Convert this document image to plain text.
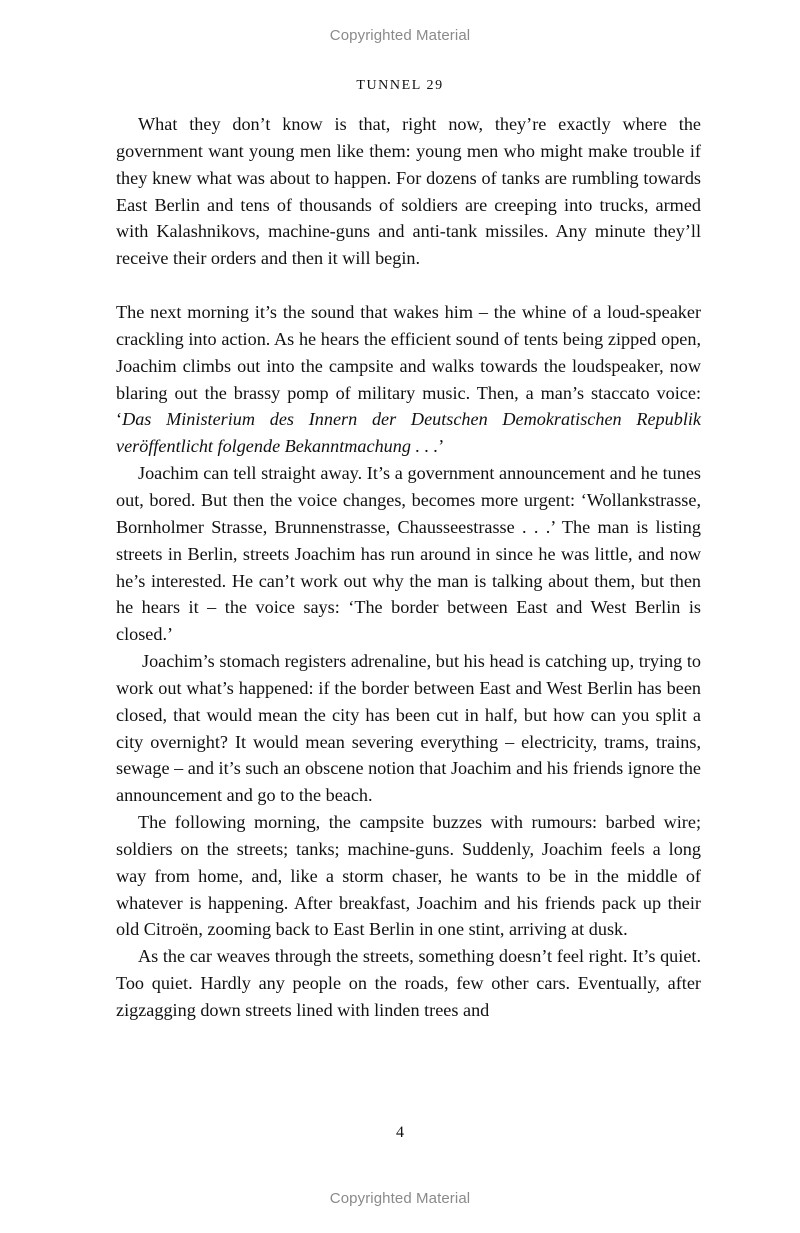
Copyrighted Material
TUNNEL 29

What they don’t know is that, right now, they’re exactly where the government want young men like them: young men who might make trouble if they knew what was about to happen. For dozens of tanks are rumbling towards East Berlin and tens of thousands of soldiers are creeping into trucks, armed with Kalashnikovs, machine-guns and anti-tank missiles. Any minute they’ll receive their orders and then it will begin.

The next morning it’s the sound that wakes him – the whine of a loud-speaker crackling into action. As he hears the efficient sound of tents being zipped open, Joachim climbs out into the campsite and walks towards the loudspeaker, now blaring out the brassy pomp of military music. Then, a man’s staccato voice: ‘Das Ministerium des Innern der Deutschen Demokratischen Republik veröffentlicht folgende Bekanntmachung . . .’

Joachim can tell straight away. It’s a government announcement and he tunes out, bored. But then the voice changes, becomes more urgent: ‘Wollankstrasse, Bornholmer Strasse, Brunnenstrasse, Chausseestrasse . . .’ The man is listing streets in Berlin, streets Joachim has run around in since he was little, and now he’s interested. He can’t work out why the man is talking about them, but then he hears it – the voice says: ‘The border between East and West Berlin is closed.’

Joachim’s stomach registers adrenaline, but his head is catching up, trying to work out what’s happened: if the border between East and West Berlin has been closed, that would mean the city has been cut in half, but how can you split a city overnight? It would mean severing everything – electricity, trams, trains, sewage – and it’s such an obscene notion that Joachim and his friends ignore the announcement and go to the beach.

The following morning, the campsite buzzes with rumours: barbed wire; soldiers on the streets; tanks; machine-guns. Suddenly, Joachim feels a long way from home, and, like a storm chaser, he wants to be in the middle of whatever is happening. After breakfast, Joachim and his friends pack up their old Citroën, zooming back to East Berlin in one stint, arriving at dusk.

As the car weaves through the streets, something doesn’t feel right. It’s quiet. Too quiet. Hardly any people on the roads, few other cars. Eventually, after zigzagging down streets lined with linden trees and

4
Copyrighted Material
